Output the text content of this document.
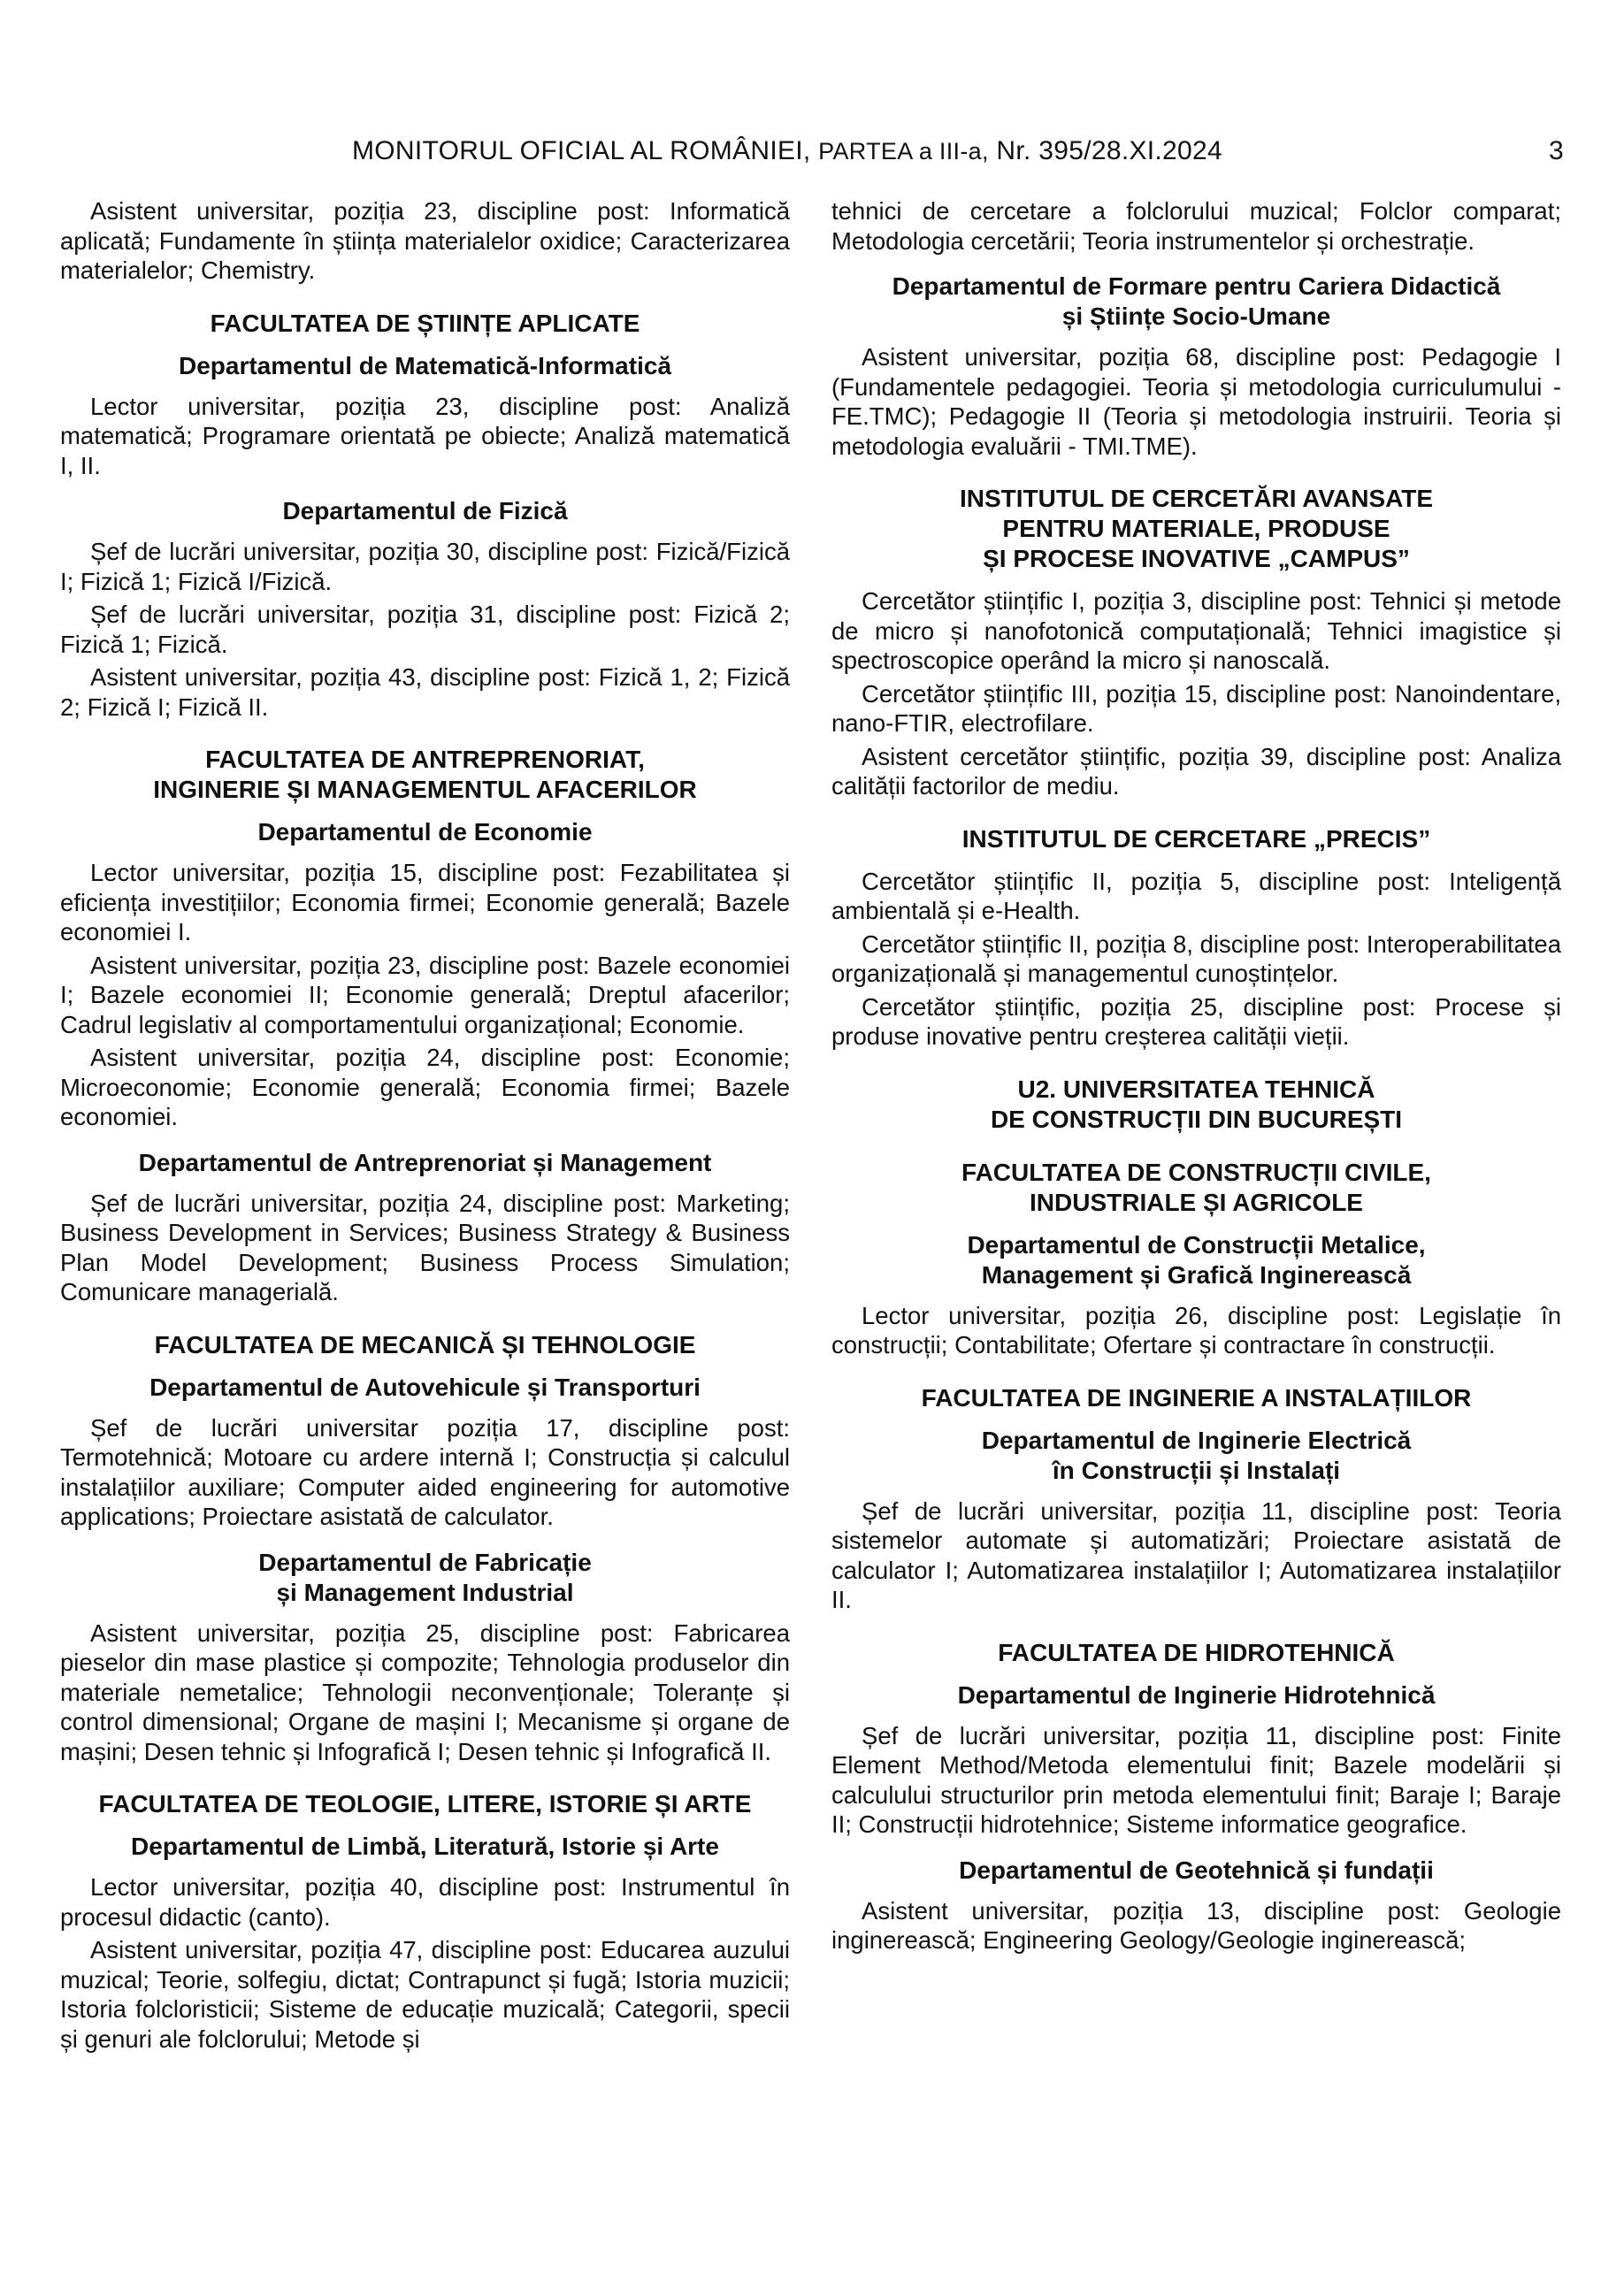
MONITORUL OFICIAL AL ROMÂNIEI, PARTEA a III-a, Nr. 395/28.XI.2024	3

Asistent universitar, poziția 23, discipline post: Informatică aplicată; Fundamente în știința materialelor oxidice; Caracterizarea materialelor; Chemistry.

FACULTATEA DE ȘTIINȚE APLICATE
Departamentul de Matematică-Informatică

Lector universitar, poziția 23, discipline post: Analiză matematică; Programare orientată pe obiecte; Analiză matematică I, II.

Departamentul de Fizică

Șef de lucrări universitar, poziția 30, discipline post: Fizică/Fizică I; Fizică 1; Fizică I/Fizică.

Șef de lucrări universitar, poziția 31, discipline post: Fizică 2; Fizică 1; Fizică.

Asistent universitar, poziția 43, discipline post: Fizică 1, 2; Fizică 2; Fizică I; Fizică II.

FACULTATEA DE ANTREPRENORIAT,
INGINERIE ȘI MANAGEMENTUL AFACERILOR
Departamentul de Economie

Lector universitar, poziția 15, discipline post: Fezabilitatea și eficiența investițiilor; Economia firmei; Economie generală; Bazele economiei I.

Asistent universitar, poziția 23, discipline post: Bazele economiei I; Bazele economiei II; Economie generală; Dreptul afacerilor; Cadrul legislativ al comportamentului organizațional; Economie.

Asistent universitar, poziția 24, discipline post: Economie; Microeconomie; Economie generală; Economia firmei; Bazele economiei.

Departamentul de Antreprenoriat și Management

Șef de lucrări universitar, poziția 24, discipline post: Marketing; Business Development in Services; Business Strategy & Business Plan Model Development; Business Process Simulation; Comunicare managerială.

FACULTATEA DE MECANICĂ ȘI TEHNOLOGIE
Departamentul de Autovehicule și Transporturi

Șef de lucrări universitar poziția 17, discipline post: Termotehnică; Motoare cu ardere internă I; Construcția și calculul instalațiilor auxiliare; Computer aided engineering for automotive applications; Proiectare asistată de calculator.

Departamentul de Fabricație
și Management Industrial

Asistent universitar, poziția 25, discipline post: Fabricarea pieselor din mase plastice și compozite; Tehnologia produselor din materiale nemetalice; Tehnologii neconvenționale; Toleranțe și control dimensional; Organe de mașini I; Mecanisme și organe de mașini; Desen tehnic și Infografică I; Desen tehnic și Infografică II.

FACULTATEA DE TEOLOGIE, LITERE, ISTORIE ȘI ARTE
Departamentul de Limbă, Literatură, Istorie și Arte

Lector universitar, poziția 40, discipline post: Instrumentul în procesul didactic (canto).

Asistent universitar, poziția 47, discipline post: Educarea auzului muzical; Teorie, solfegiu, dictat; Contrapunct și fugă; Istoria muzicii; Istoria folcloristicii; Sisteme de educație muzicală; Categorii, specii și genuri ale folclorului; Metode și

tehnici de cercetare a folclorului muzical; Folclor comparat; Metodologia cercetării; Teoria instrumentelor și orchestrație.

Departamentul de Formare pentru Cariera Didactică
și Științe Socio-Umane

Asistent universitar, poziția 68, discipline post: Pedagogie I (Fundamentele pedagogiei. Teoria și metodologia curriculumului - FE.TMC); Pedagogie II (Teoria și metodologia instruirii. Teoria și metodologia evaluării - TMI.TME).

INSTITUTUL DE CERCETĂRI AVANSATE
PENTRU MATERIALE, PRODUSE
ȘI PROCESE INOVATIVE „CAMPUS”

Cercetător științific I, poziția 3, discipline post: Tehnici și metode de micro și nanofotonică computațională; Tehnici imagistice și spectroscopice operând la micro și nanoscală.

Cercetător științific III, poziția 15, discipline post: Nanoindentare, nano-FTIR, electrofilare.

Asistent cercetător științific, poziția 39, discipline post: Analiza calității factorilor de mediu.

INSTITUTUL DE CERCETARE „PRECIS”

Cercetător științific II, poziția 5, discipline post: Inteligență ambientală și e-Health.

Cercetător științific II, poziția 8, discipline post: Interoperabilitatea organizațională și managementul cunoștințelor.

Cercetător științific, poziția 25, discipline post: Procese și produse inovative pentru creșterea calității vieții.

U2. UNIVERSITATEA TEHNICĂ
DE CONSTRUCȚII DIN BUCUREȘTI
FACULTATEA DE CONSTRUCȚII CIVILE,
INDUSTRIALE ȘI AGRICOLE
Departamentul de Construcții Metalice,
Management și Grafică Inginerească

Lector universitar, poziția 26, discipline post: Legislație în construcții; Contabilitate; Ofertare și contractare în construcții.

FACULTATEA DE INGINERIE A INSTALAȚIILOR
Departamentul de Inginerie Electrică
în Construcții și Instalați

Șef de lucrări universitar, poziția 11, discipline post: Teoria sistemelor automate și automatizări; Proiectare asistată de calculator I; Automatizarea instalațiilor I; Automatizarea instalațiilor II.

FACULTATEA DE HIDROTEHNICĂ
Departamentul de Inginerie Hidrotehnică

Șef de lucrări universitar, poziția 11, discipline post: Finite Element Method/Metoda elementului finit; Bazele modelării și calculului structurilor prin metoda elementului finit; Baraje I; Baraje II; Construcții hidrotehnice; Sisteme informatice geografice.

Departamentul de Geotehnică și fundații

Asistent universitar, poziția 13, discipline post: Geologie inginerească; Engineering Geology/Geologie inginerească;
